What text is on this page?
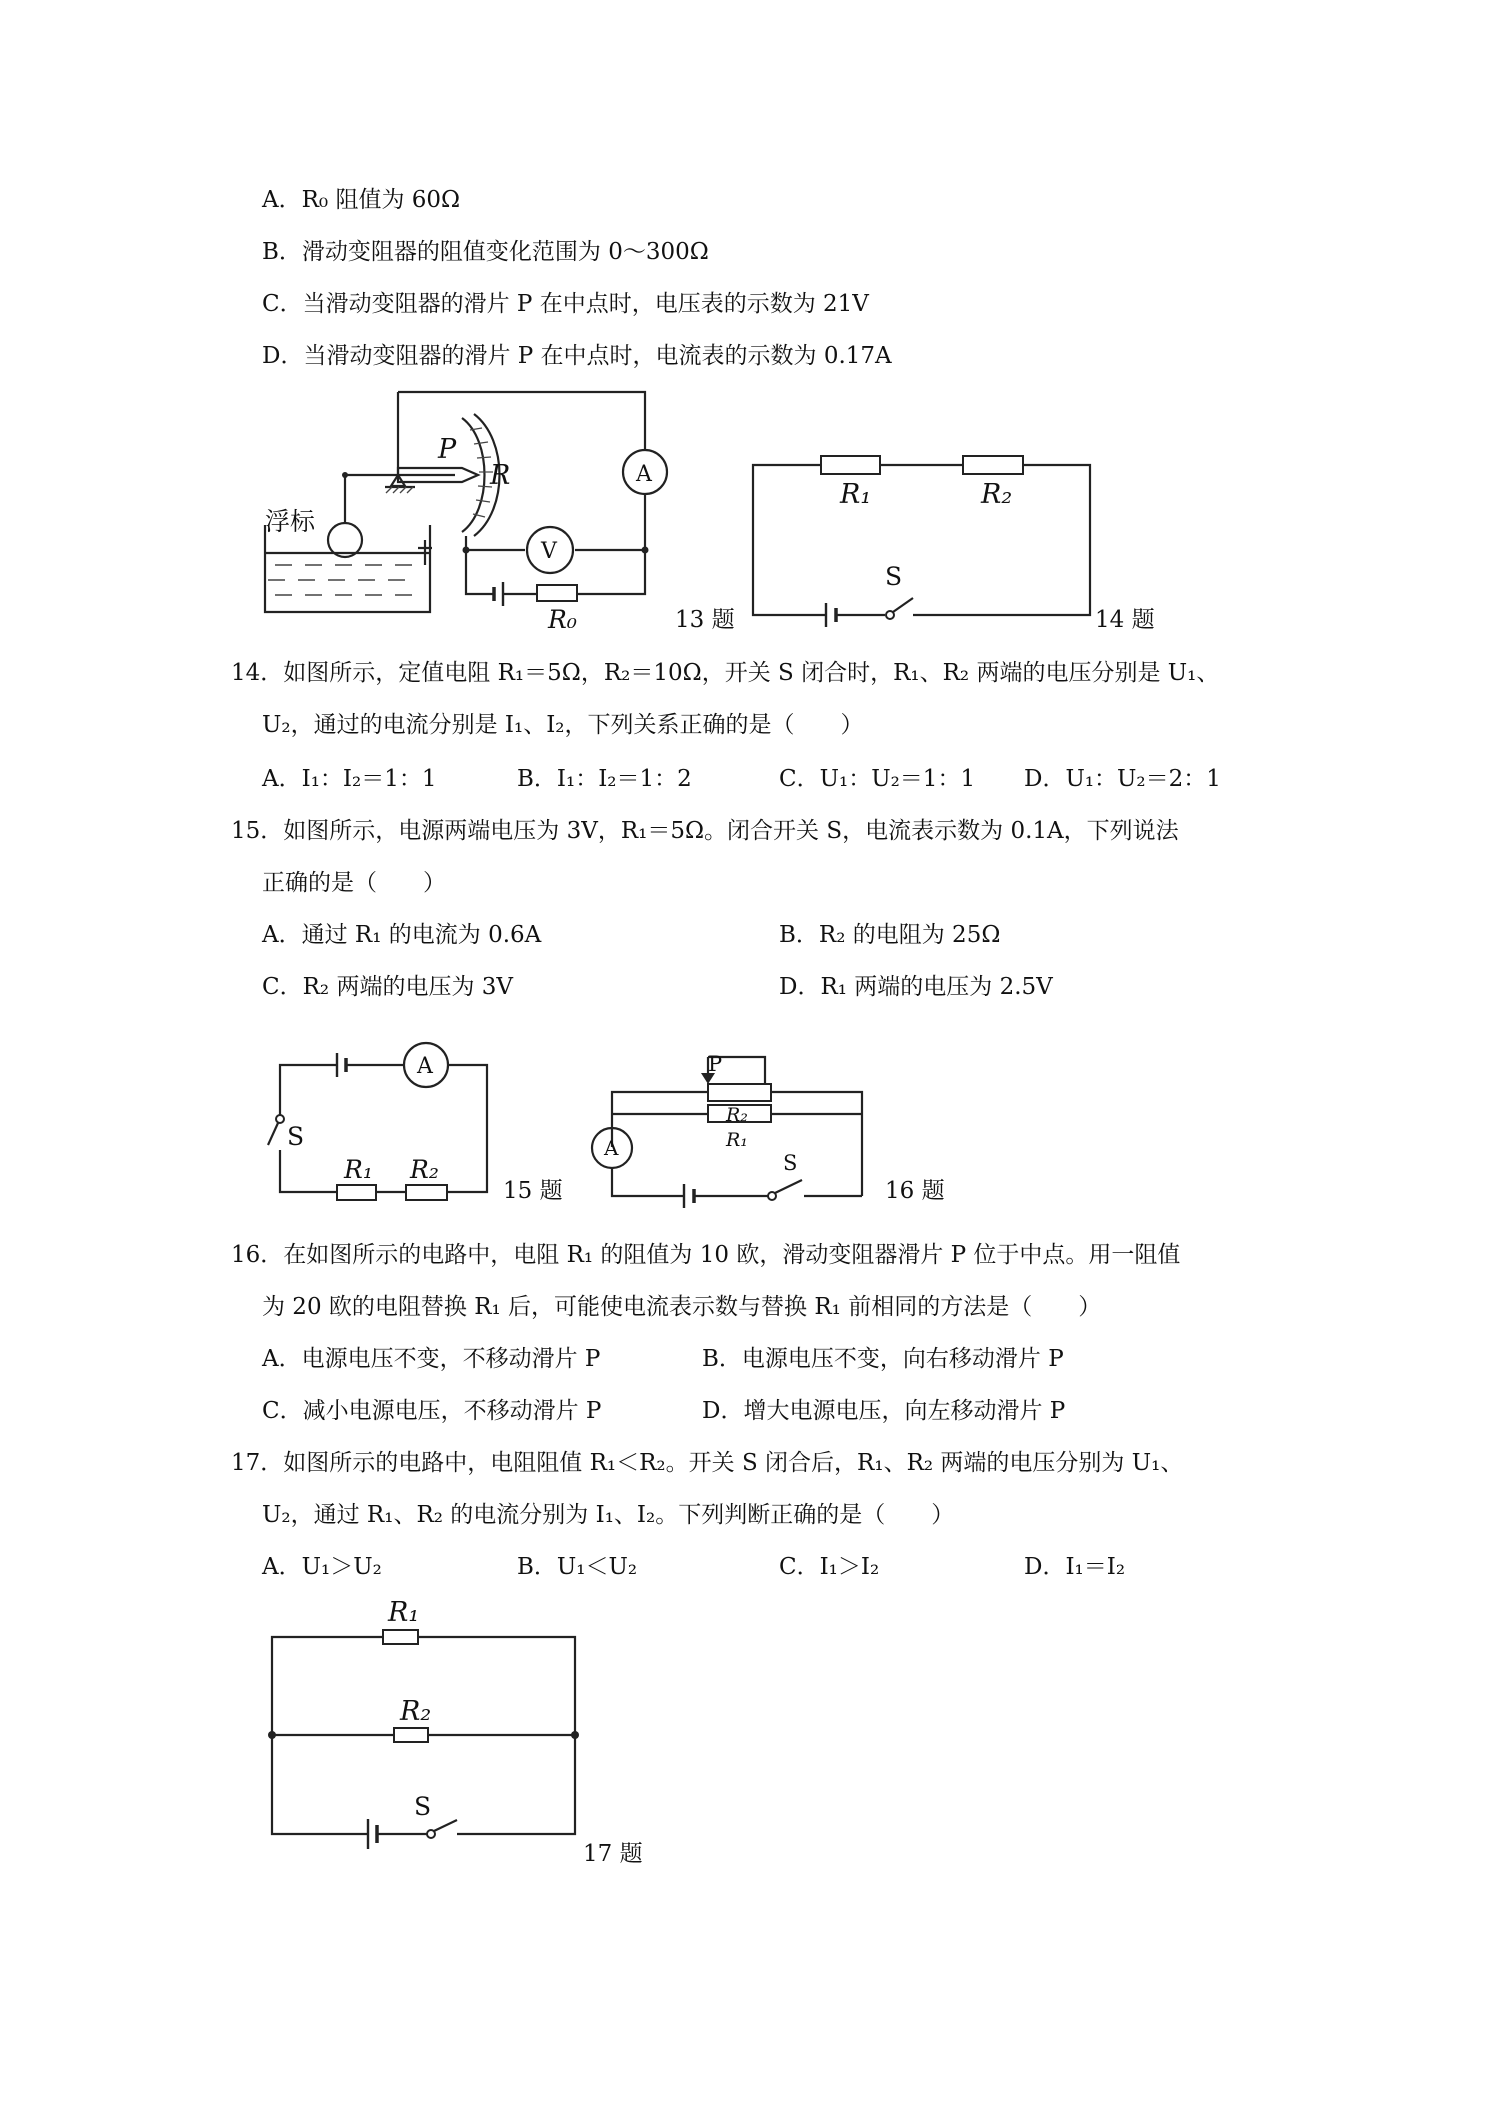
A．R₀ 阻值为 60Ω
B．滑动变阻器的阻值变化范围为 0～300Ω
C．当滑动变阻器的滑片 P 在中点时，电压表的示数为 21V
D．当滑动变阻器的滑片 P 在中点时，电流表的示数为 0.17A
浮标
P
R	A
V
R₀	13 题
R₁	R₂
S
14 题
14．如图所示，定值电阻 R₁＝5Ω，R₂＝10Ω，开关 S 闭合时，R₁、R₂ 两端的电压分别是 U₁、
U₂，通过的电流分别是 I₁、I₂，下列关系正确的是（　　）
A．I₁：I₂＝1：1	B．I₁：I₂＝1：2	C．U₁：U₂＝1：1 D．U₁：U₂＝2：1
15．如图所示，电源两端电压为 3V，R₁＝5Ω。闭合开关 S，电流表示数为 0.1A，下列说法
正确的是（　　）
A．通过 R₁ 的电流为 0.6A	B．R₂ 的电阻为 25Ω
C．R₂ 两端的电压为 3V	D．R₁ 两端的电压为 2.5V
A
S
R₁ R₂
15 题
P
R₂
R₁
A
S
16 题
16．在如图所示的电路中，电阻 R₁ 的阻值为 10 欧，滑动变阻器滑片 P 位于中点。用一阻值
为 20 欧的电阻替换 R₁ 后，可能使电流表示数与替换 R₁ 前相同的方法是（　　）
A．电源电压不变，不移动滑片 P	B．电源电压不变，向右移动滑片 P
C．减小电源电压，不移动滑片 P	D．增大电源电压，向左移动滑片 P
17．如图所示的电路中，电阻阻值 R₁＜R₂。开关 S 闭合后，R₁、R₂ 两端的电压分别为 U₁、
U₂，通过 R₁、R₂ 的电流分别为 I₁、I₂。下列判断正确的是（　　）
A．U₁＞U₂	B．U₁＜U₂	C．I₁＞I₂	D．I₁＝I₂
R₁
R₂
S
17 题
